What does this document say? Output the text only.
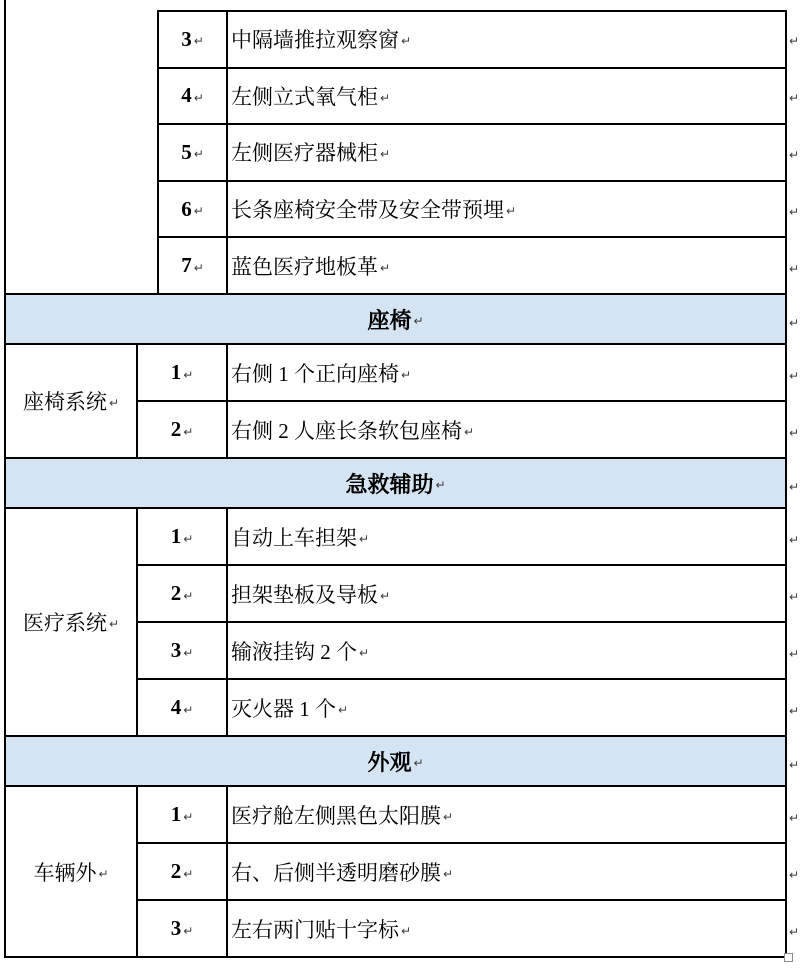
3 ↵ 中隔墙推拉观察窗 ↵
4 ↵ 左侧立式氧气柜 ↵
5 ↵ 左侧医疗器械柜 ↵
6 ↵ 长条座椅安全带及安全带预埋 ↵
7 ↵ 蓝色医疗地板革 ↵
座椅 ↵
座椅系统 ↵
1 ↵ 右侧 1 个正向座椅 ↵
2 ↵ 右侧 2 人座长条软包座椅 ↵
急救辅助 ↵
医疗系统 ↵
1 ↵ 自动上车担架 ↵
2 ↵ 担架垫板及导板 ↵
3 ↵ 输液挂钩 2 个 ↵
4 ↵ 灭火器 1 个 ↵
外观 ↵
车辆外 ↵
1 ↵ 医疗舱左侧黑色太阳膜 ↵
2 ↵ 右、后侧半透明磨砂膜 ↵
3 ↵ 左右两门贴十字标 ↵
↵
↵
↵
↵
↵
↵
↵
↵
↵
↵
↵
↵
↵
↵
↵
↵
↵
